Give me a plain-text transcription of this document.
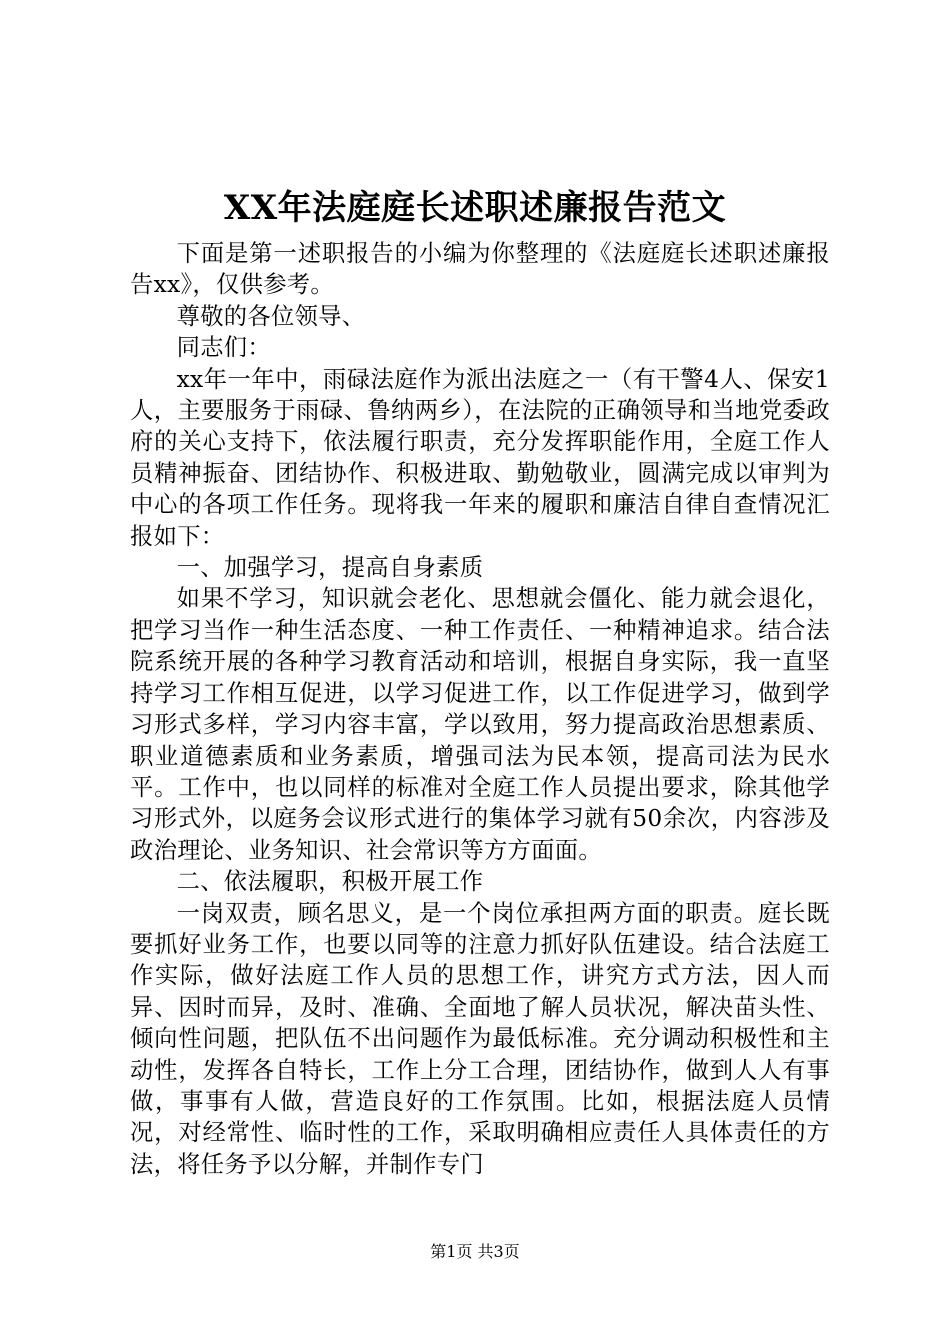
XX年法庭庭长述职述廉报告范文

下面是第一述职报告的小编为你整理的《法庭庭长述职述廉报告xx》，仅供参考。

尊敬的各位领导、

同志们：

xx年一年中，雨碌法庭作为派出法庭之一（有干警4人、保安1人，主要服务于雨碌、鲁纳两乡），在法院的正确领导和当地党委政府的关心支持下，依法履行职责，充分发挥职能作用，全庭工作人员精神振奋、团结协作、积极进取、勤勉敬业，圆满完成以审判为中心的各项工作任务。现将我一年来的履职和廉洁自律自查情况汇报如下：

一、加强学习，提高自身素质

如果不学习，知识就会老化、思想就会僵化、能力就会退化，把学习当作一种生活态度、一种工作责任、一种精神追求。结合法院系统开展的各种学习教育活动和培训，根据自身实际，我一直坚持学习工作相互促进，以学习促进工作，以工作促进学习，做到学习形式多样，学习内容丰富，学以致用，努力提高政治思想素质、职业道德素质和业务素质，增强司法为民本领，提高司法为民水平。工作中，也以同样的标准对全庭工作人员提出要求，除其他学习形式外，以庭务会议形式进行的集体学习就有50余次，内容涉及政治理论、业务知识、社会常识等方方面面。

二、依法履职，积极开展工作

一岗双责，顾名思义，是一个岗位承担两方面的职责。庭长既要抓好业务工作，也要以同等的注意力抓好队伍建设。结合法庭工作实际，做好法庭工作人员的思想工作，讲究方式方法，因人而异、因时而异，及时、准确、全面地了解人员状况，解决苗头性、倾向性问题，把队伍不出问题作为最低标准。充分调动积极性和主动性，发挥各自特长，工作上分工合理，团结协作，做到人人有事做，事事有人做，营造良好的工作氛围。比如，根据法庭人员情况，对经常性、临时性的工作，采取明确相应责任人具体责任的方法，将任务予以分解，并制作专门

第1页 共3页
